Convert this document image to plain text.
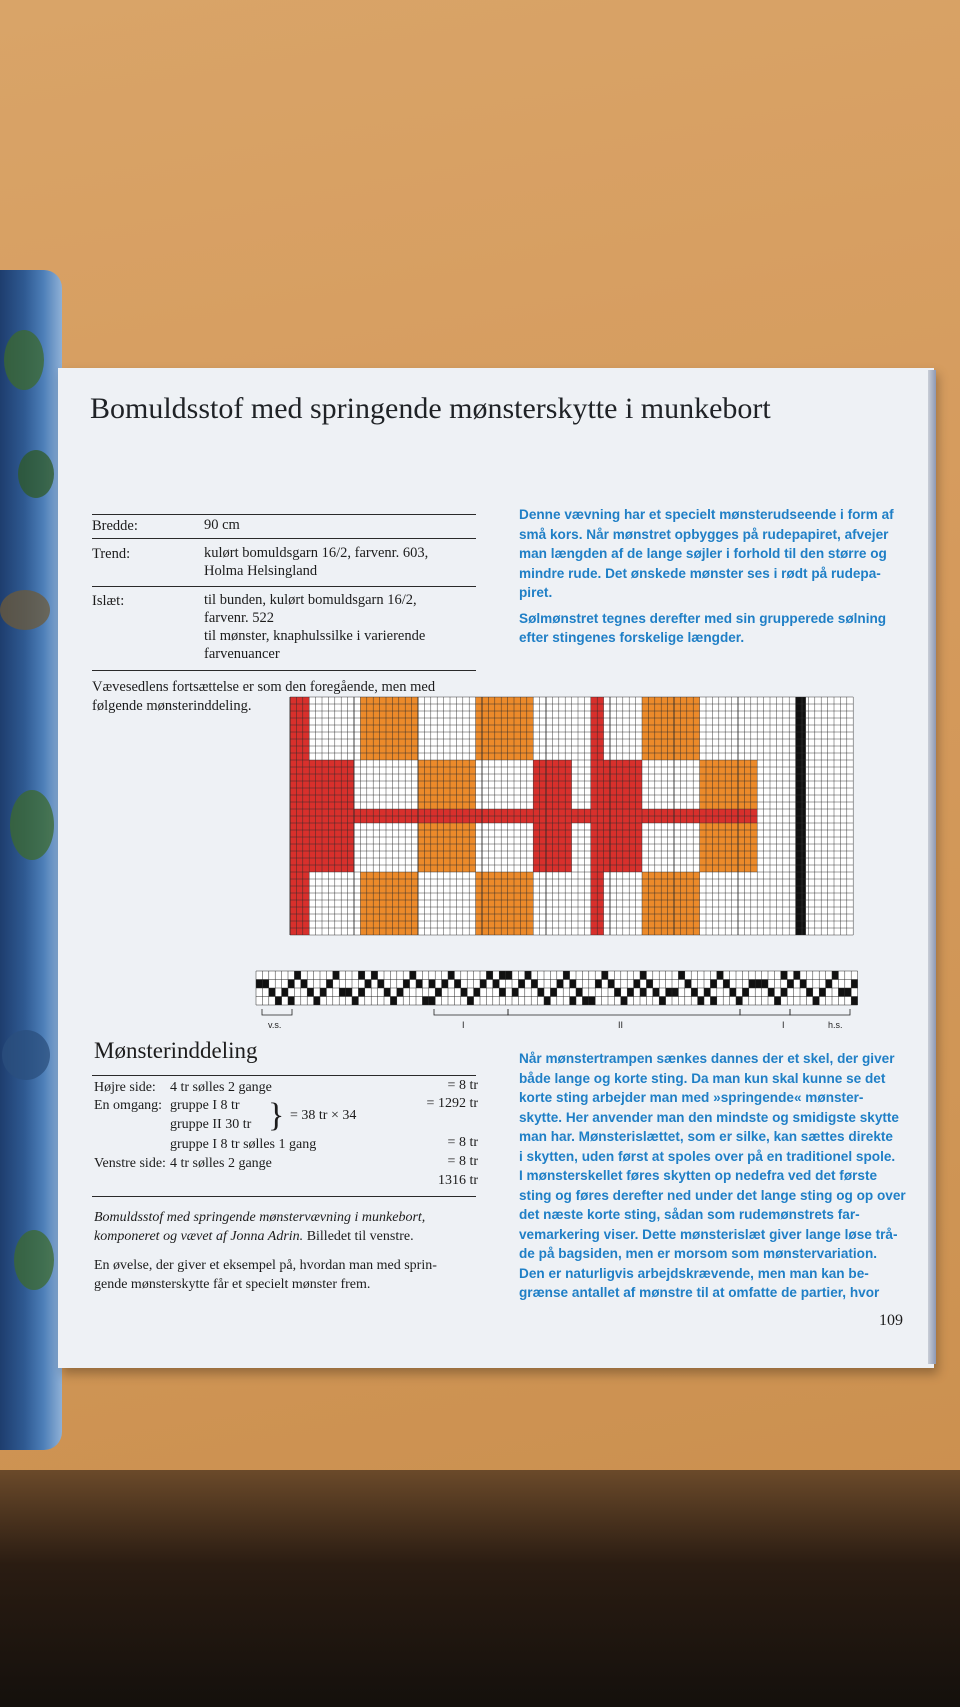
Bomuldsstof med springende mønsterskytte i munkebort
Bredde:	90 cm
Trend:	kulørt bomuldsgarn 16/2, farvenr. 603,
Holma Helsingland
Islæt:	til bunden, kulørt bomuldsgarn 16/2,
farvenr. 522
til mønster, knaphulssilke i varierende
farvenuancer
Vævesedlens fortsættelse er som den foregående, men med
følgende mønsterinddeling.
Denne vævning har et specielt mønsterudseende i form af
små kors. Når mønstret opbygges på rudepapiret, afvejer
man længden af de lange søjler i forhold til den større og
mindre rude. Det ønskede mønster ses i rødt på rudepa-
piret.
Sølmønstret tegnes derefter med sin grupperede sølning
efter stingenes forskelige længder.
v.s.	I	II	I	h.s.
Mønsterinddeling
Højre side: 4 tr sølles 2 gange	= 8 tr
En omgang: gruppe I 8 tr	= 1292 tr
gruppe II 30 tr } = 38 tr × 34
gruppe I 8 tr sølles 1 gang	= 8 tr
Venstre side: 4 tr sølles 2 gange	= 8 tr
1316 tr
Bomuldsstof med springende mønstervævning i munkebort,
komponeret og vævet af Jonna Adrin. Billedet til venstre.
En øvelse, der giver et eksempel på, hvordan man med sprin-
gende mønsterskytte får et specielt mønster frem.
Når mønstertrampen sænkes dannes der et skel, der giver
både lange og korte sting. Da man kun skal kunne se det
korte sting arbejder man med »springende« mønster-
skytte. Her anvender man den mindste og smidigste skytte
man har. Mønsterislættet, som er silke, kan sættes direkte
i skytten, uden først at spoles over på en traditionel spole.
I mønsterskellet føres skytten op nedefra ved det første
sting og føres derefter ned under det lange sting og op over
det næste korte sting, sådan som rudemønstrets far-
vemarkering viser. Dette mønsterislæt giver lange løse trå-
de på bagsiden, men er morsom som mønstervariation.
Den er naturligvis arbejdskrævende, men man kan be-
grænse antallet af mønstre til at omfatte de partier, hvor
109
